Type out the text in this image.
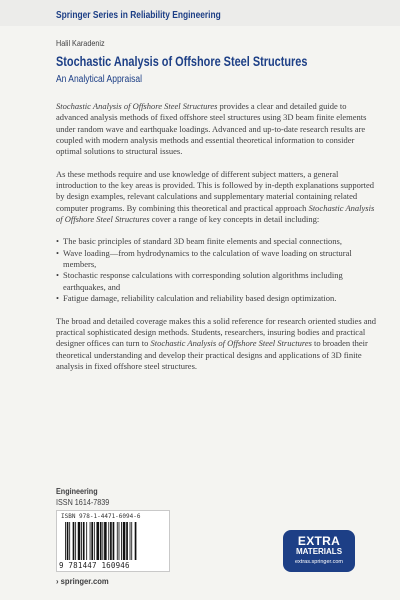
Springer Series in Reliability Engineering
Halil Karadeniz
Stochastic Analysis of Offshore Steel Structures
An Analytical Appraisal

Stochastic Analysis of Offshore Steel Structures provides a clear and detailed guide to advanced analysis methods of fixed offshore steel structures using 3D beam finite elements under random wave and earthquake loadings. Advanced and up-to-date research results are coupled with modern analysis methods and essential theoretical information to consider optimal solutions to structural issues.

As these methods require and use knowledge of different subject matters, a general introduction to the key areas is provided. This is followed by in-depth explanations supported by design examples, relevant calculations and supplementary material containing related computer programs. By combining this theoretical and practical approach Stochastic Analysis of Offshore Steel Structures cover a range of key concepts in detail including:

• The basic principles of standard 3D beam finite elements and special connections,
• Wave loading—from hydrodynamics to the calculation of wave loading on structural members,
• Stochastic response calculations with corresponding solution algorithms including earthquakes, and
• Fatigue damage, reliability calculation and reliability based design optimization.

The broad and detailed coverage makes this a solid reference for research oriented studies and practical sophisticated design methods. Students, researchers, insuring bodies and practical designer offices can turn to Stochastic Analysis of Offshore Steel Structures to broaden their theoretical understanding and develop their practical designs and applications of 3D finite analysis in fixed offshore steel structures.

Engineering
ISSN 1614-7839
ISBN 978-1-4471-6094-6
9 781447 160946
› springer.com
EXTRA
MATERIALS
extras.springer.com
